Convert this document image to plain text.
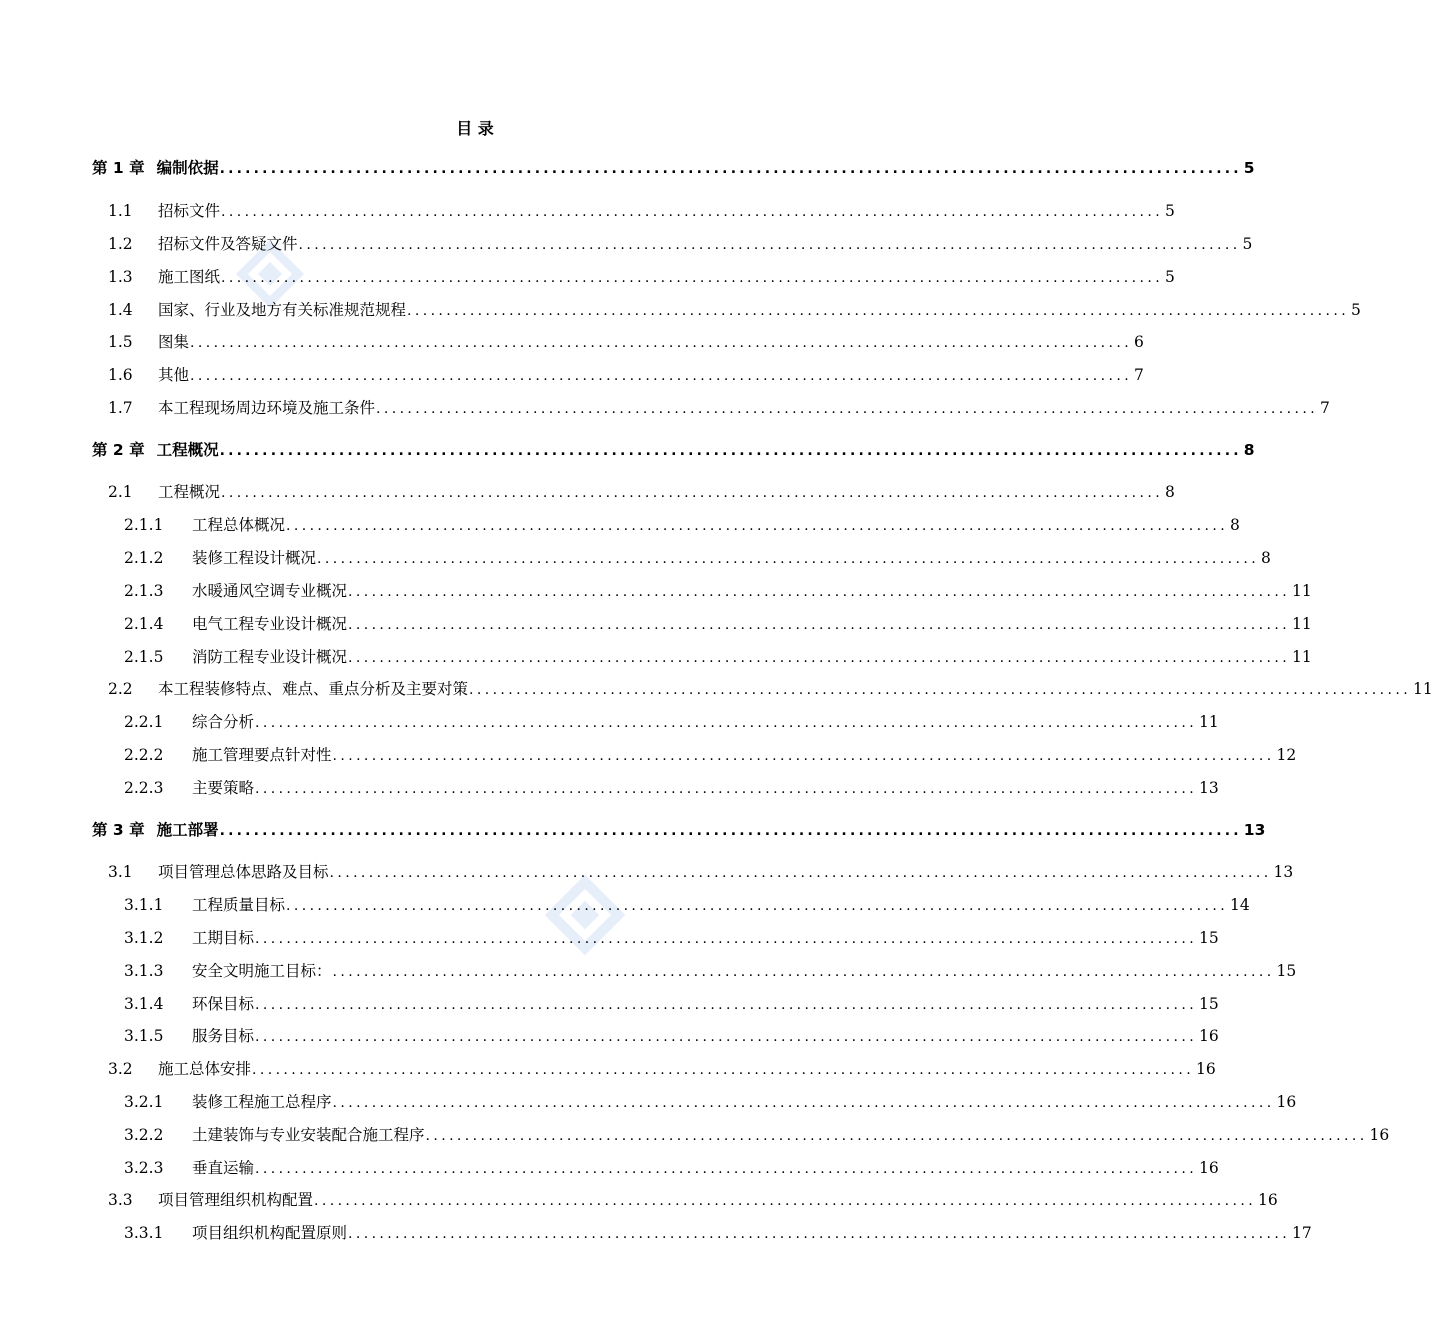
目 录
第 1 章 编制依据 ........................................................................................................................ 5
1.1	招标文件 ........................................................................................................................ 5
1.2	招标文件及答疑文件 ........................................................................................................................ 5
1.3	施工图纸 ........................................................................................................................ 5
1.4	国家、行业及地方有关标准规范规程 ........................................................................................................................ 5
1.5	图集 ........................................................................................................................ 6
1.6	其他 ........................................................................................................................ 7
1.7	本工程现场周边环境及施工条件 ........................................................................................................................ 7
第 2 章 工程概况 ........................................................................................................................ 8
2.1	工程概况 ........................................................................................................................ 8
2.1.1	工程总体概况 ........................................................................................................................ 8
2.1.2	装修工程设计概况 ........................................................................................................................ 8
2.1.3	水暖通风空调专业概况 ........................................................................................................................ 11
2.1.4	电气工程专业设计概况 ........................................................................................................................ 11
2.1.5	消防工程专业设计概况 ........................................................................................................................ 11
2.2	本工程装修特点、难点、重点分析及主要对策 ........................................................................................................................ 11
2.2.1	综合分析 ........................................................................................................................ 11
2.2.2	施工管理要点针对性 ........................................................................................................................ 12
2.2.3	主要策略 ........................................................................................................................ 13
第 3 章 施工部署 ........................................................................................................................ 13
3.1	项目管理总体思路及目标 ........................................................................................................................ 13
3.1.1	工程质量目标 ........................................................................................................................ 14
3.1.2	工期目标 ........................................................................................................................ 15
3.1.3	安全文明施工目标： ........................................................................................................................ 15
3.1.4	环保目标 ........................................................................................................................ 15
3.1.5	服务目标 ........................................................................................................................ 16
3.2	施工总体安排 ........................................................................................................................ 16
3.2.1	装修工程施工总程序 ........................................................................................................................ 16
3.2.2	土建装饰与专业安装配合施工程序 ........................................................................................................................ 16
3.2.3	垂直运输 ........................................................................................................................ 16
3.3	项目管理组织机构配置 ........................................................................................................................ 16
3.3.1	项目组织机构配置原则 ........................................................................................................................ 17
